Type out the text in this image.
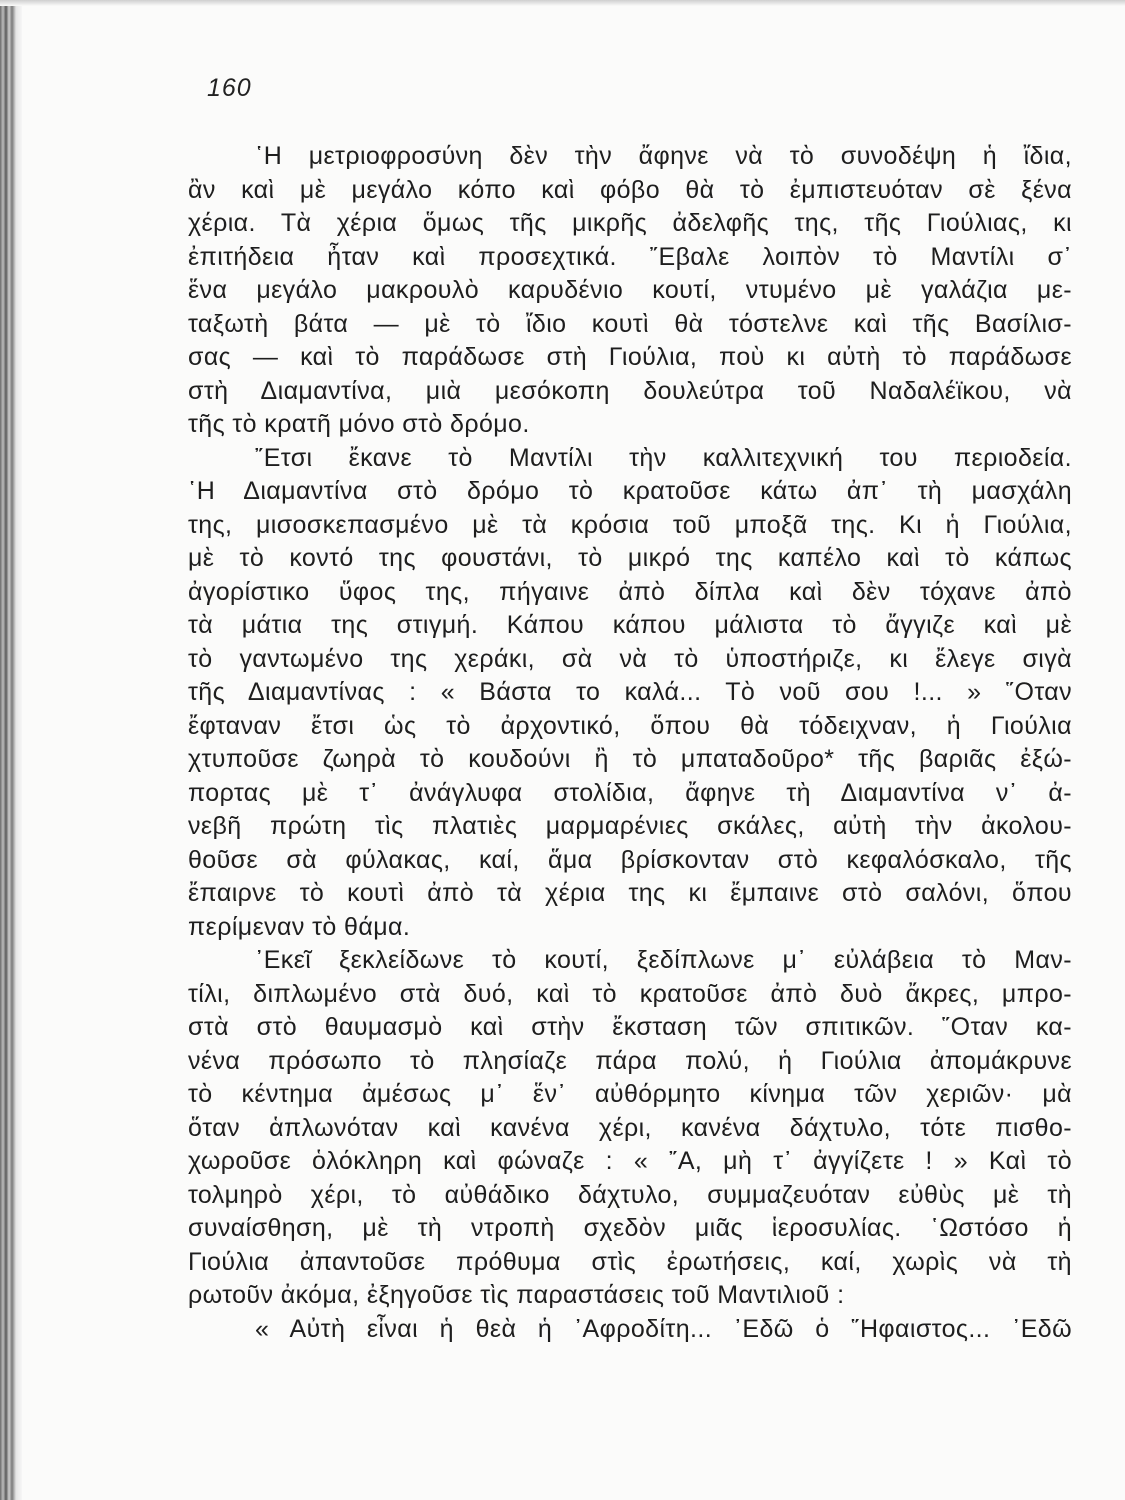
160
῾Η μετριοφροσύνη δὲν τὴν ἄφηνε νὰ τὸ συνοδέψη ἡ ἴδια,
ἂν καὶ μὲ μεγάλο κόπο καὶ φόβο θὰ τὸ ἐμπιστευόταν σὲ ξένα
χέρια. Τὰ χέρια ὅμως τῆς μικρῆς ἀδελφῆς της, τῆς Γιούλιας, κι
ἐπιτήδεια ἦταν καὶ προσεχτικά. ῎Εβαλε λοιπὸν τὸ Μαντίλι σ᾽
ἕνα μεγάλο μακρουλὸ καρυδένιο κουτί, ντυμένο μὲ γαλάζια με-
ταξωτὴ βάτα — μὲ τὸ ἴδιο κουτὶ θὰ τόστελνε καὶ τῆς Βασίλισ-
σας — καὶ τὸ παράδωσε στὴ Γιούλια, ποὺ κι αὐτὴ τὸ παράδωσε
στὴ Διαμαντίνα, μιὰ μεσόκοπη δουλεύτρα τοῦ Ναδαλέϊκου, νὰ
τῆς τὸ κρατῆ μόνο στὸ δρόμο.
῎Ετσι ἔκανε τὸ Μαντίλι τὴν καλλιτεχνική του περιοδεία.
῾Η Διαμαντίνα στὸ δρόμο τὸ κρατοῦσε κάτω ἀπ᾽ τὴ μασχάλη
της, μισοσκεπασμένο μὲ τὰ κρόσια τοῦ μποξᾶ της. Κι ἡ Γιούλια,
μὲ τὸ κοντό της φουστάνι, τὸ μικρό της καπέλο καὶ τὸ κάπως
ἀγορίστικο ὕφος της, πήγαινε ἀπὸ δίπλα καὶ δὲν τόχανε ἀπὸ
τὰ μάτια της στιγμή. Κάπου κάπου μάλιστα τὸ ἄγγιζε καὶ μὲ
τὸ γαντωμένο της χεράκι, σὰ νὰ τὸ ὑποστήριζε, κι ἔλεγε σιγὰ
τῆς Διαμαντίνας : « Βάστα το καλά... Τὸ νοῦ σου !... » ῞Οταν
ἔφταναν ἔτσι ὡς τὸ ἀρχοντικό, ὅπου θὰ τόδειχναν, ἡ Γιούλια
χτυποῦσε ζωηρὰ τὸ κουδούνι ἢ τὸ μπαταδοῦρο* τῆς βαριᾶς ἐξώ-
πορτας μὲ τ᾽ ἀνάγλυφα στολίδια, ἄφηνε τὴ Διαμαντίνα ν᾽ ἀ-
νεβῆ πρώτη τὶς πλατιὲς μαρμαρένιες σκάλες, αὐτὴ τὴν ἀκολου-
θοῦσε σὰ φύλακας, καί, ἅμα βρίσκονταν στὸ κεφαλόσκαλο, τῆς
ἔπαιρνε τὸ κουτὶ ἀπὸ τὰ χέρια της κι ἔμπαινε στὸ σαλόνι, ὅπου
περίμεναν τὸ θάμα.
᾽Εκεῖ ξεκλείδωνε τὸ κουτί, ξεδίπλωνε μ᾽ εὐλάβεια τὸ Μαν-
τίλι, διπλωμένο στὰ δυό, καὶ τὸ κρατοῦσε ἀπὸ δυὸ ἄκρες, μπρο-
στὰ στὸ θαυμασμὸ καὶ στὴν ἔκσταση τῶν σπιτικῶν. ῞Οταν κα-
νένα πρόσωπο τὸ πλησίαζε πάρα πολύ, ἡ Γιούλια ἀπομάκρυνε
τὸ κέντημα ἀμέσως μ᾽ ἕν᾽ αὐθόρμητο κίνημα τῶν χεριῶν· μὰ
ὅταν ἁπλωνόταν καὶ κανένα χέρι, κανένα δάχτυλο, τότε πισθο-
χωροῦσε ὁλόκληρη καὶ φώναζε : « ῎Α, μὴ τ᾽ ἀγγίζετε ! » Καὶ τὸ
τολμηρὸ χέρι, τὸ αὐθάδικο δάχτυλο, συμμαζευόταν εὐθὺς μὲ τὴ
συναίσθηση, μὲ τὴ ντροπὴ σχεδὸν μιᾶς ἱεροσυλίας. ῾Ωστόσο ἡ
Γιούλια ἀπαντοῦσε πρόθυμα στὶς ἐρωτήσεις, καί, χωρὶς νὰ τὴ
ρωτοῦν ἀκόμα, ἐξηγοῦσε τὶς παραστάσεις τοῦ Μαντιλιοῦ :
« Αὐτὴ εἶναι ἡ θεὰ ἡ ᾽Αφροδίτη... ᾽Εδῶ ὁ ῞Ηφαιστος... ᾽Εδῶ
